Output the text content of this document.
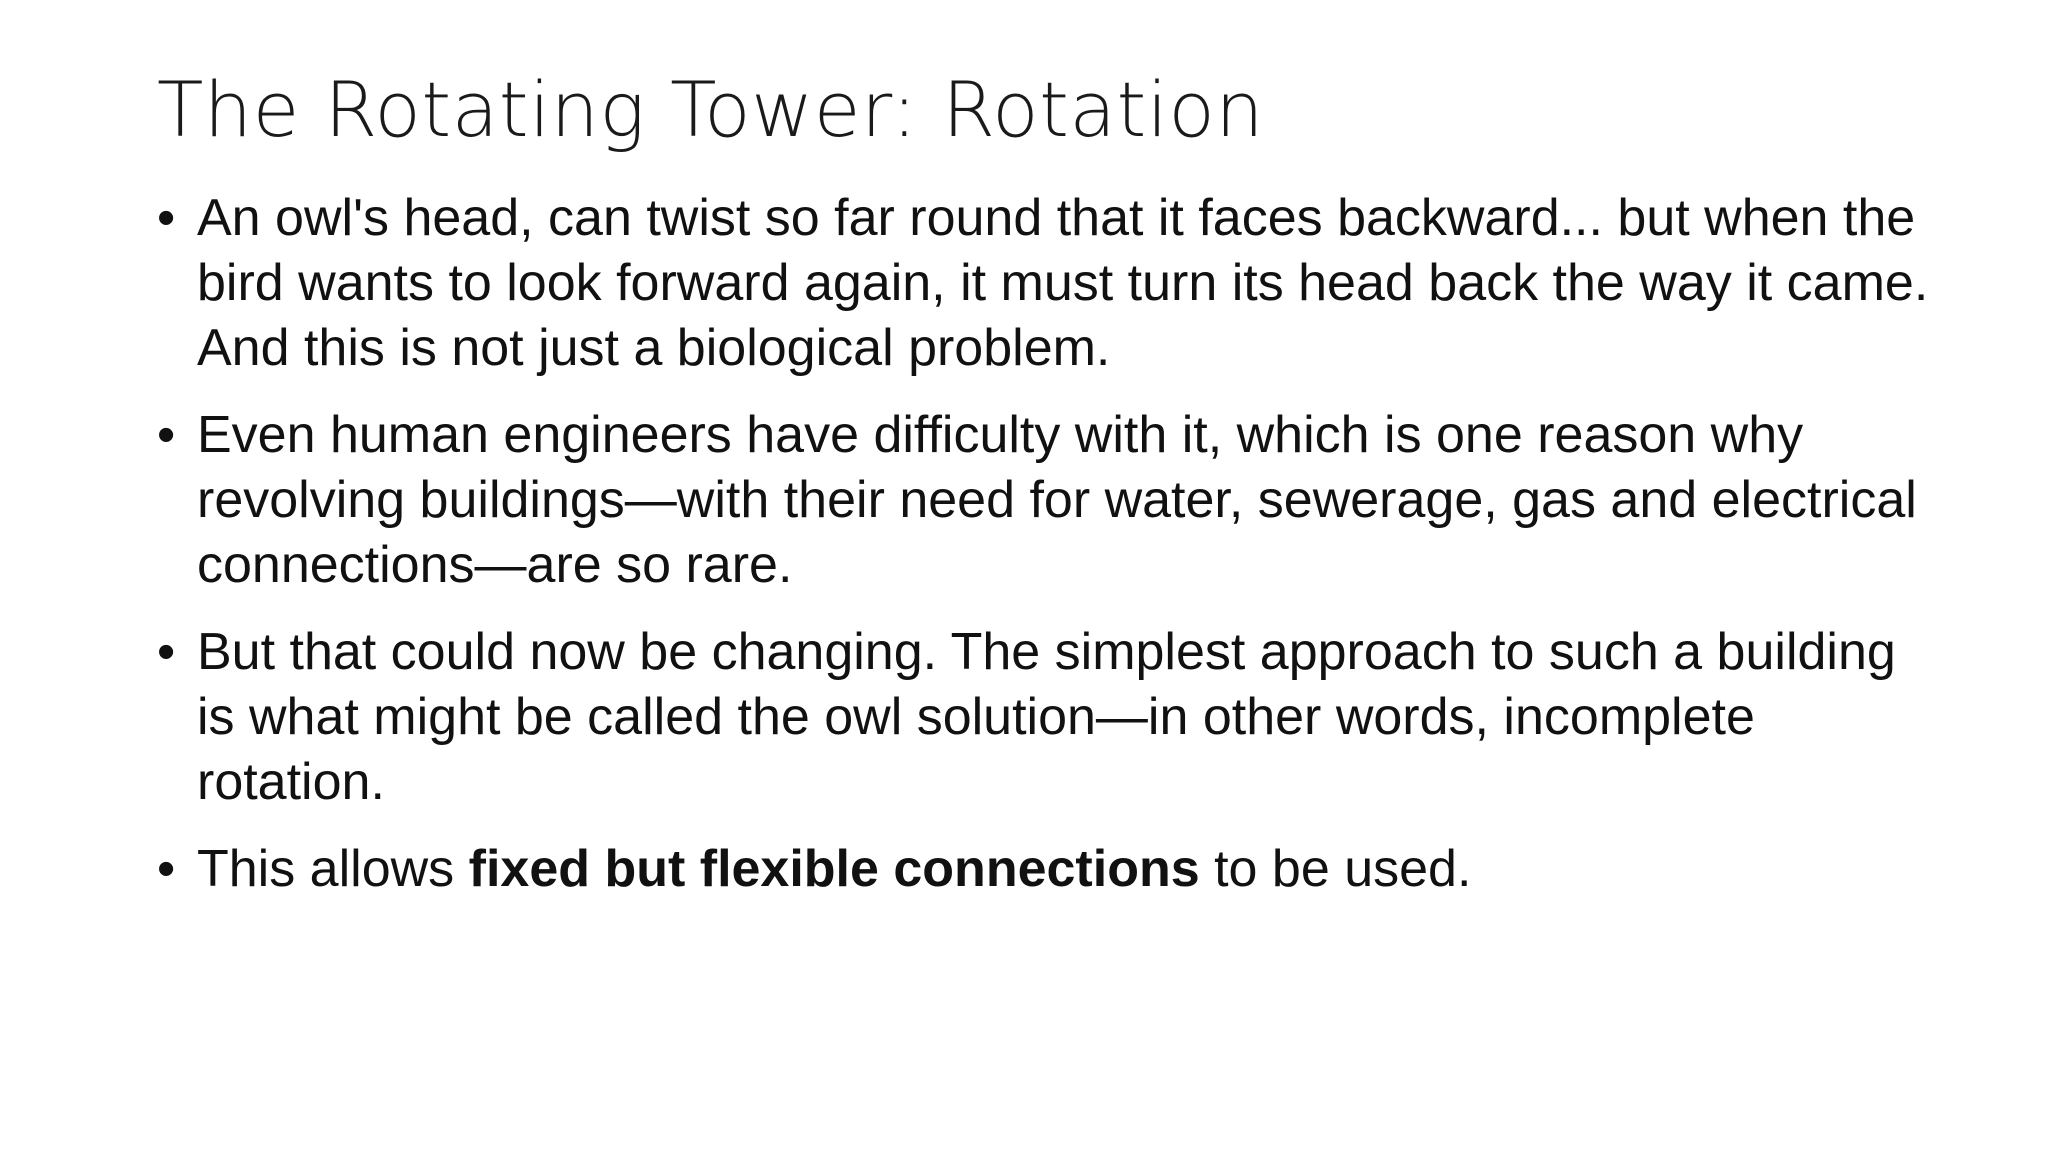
The Rotating Tower: Rotation
• An owl's head, can twist so far round that it faces backward... but when the bird wants to look forward again, it must turn its head back the way it came. And this is not just a biological problem.
• Even human engineers have difficulty with it, which is one reason why revolving buildings—with their need for water, sewerage, gas and electrical connections—are so rare.
• But that could now be changing. The simplest approach to such a building is what might be called the owl solution—in other words, incomplete rotation.
• This allows fixed but flexible connections to be used.
